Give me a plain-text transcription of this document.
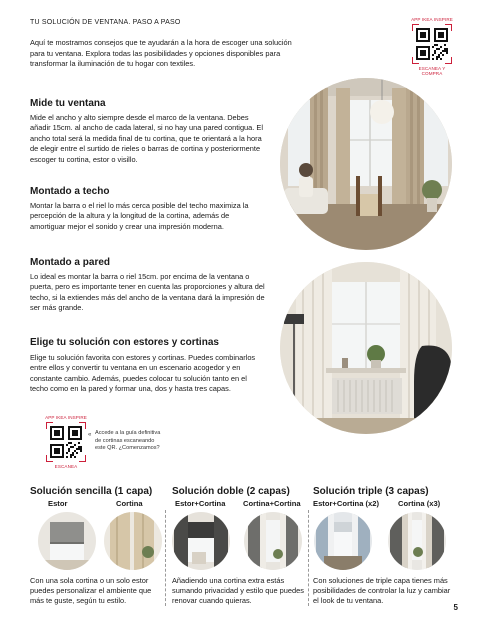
TU SOLUCIÓN DE VENTANA. PASO A PASO
Aquí te mostramos consejos que te ayudarán a la hora de escoger una solución para tu ventana. Explora todas las posibilidades y opciones disponibles para transformar la iluminación de tu hogar con textiles.
APP IKEA INSPIRE
ESCANEA Y COMPRA
Mide tu ventana
Mide el ancho y alto siempre desde el marco de la ventana. Debes añadir 15cm. al ancho de cada lateral, si no hay una pared contigua. El ancho total será la medida final de tu cortina, que te orientará a la hora de elegir entre el surtido de rieles o barras de cortina y posteriormente escoger tu cortina, estor o visillo.
Montado a techo
Montar la barra o el riel lo más cerca posible del techo maximiza la percepción de la altura y la longitud de la cortina, además de amortiguar mejor el sonido y crear una impresión moderna.
Montado a pared
Lo ideal es montar la barra o riel 15cm. por encima de la ventana o puerta, pero es importante tener en cuenta las proporciones y altura del techo, si la extiendes más del ancho de la ventana dará la impresión de ser más grande.
Elige tu solución con estores y cortinas
Elige tu solución favorita con estores y cortinas. Puedes combinarlos entre ellos y convertir tu ventana en un escenario acogedor y en constante cambio. Además, puedes colocar tu solución tanto en el techo como en la pared y formar una, dos y hasta tres capas.
APP IKEA INSPIRE
ESCANEA
« Accede a la guía definitiva de cortinas escaneando este QR. ¿Comenzamos?
Solución sencilla (1 capa) Solución doble (2 capas) Solución triple (3 capas)
Estor	Cortina	Estor+Cortina Cortina+Cortina Estor+Cortina (x2) Cortina (x3)
Con una sola cortina o un solo estor puedes personalizar el ambiente que más te guste, según tu estilo.
Añadiendo una cortina extra estás sumando privacidad y estilo que puedes renovar cuando quieras.
Con soluciones de triple capa tienes más posibilidades de controlar la luz y cambiar el look de tu ventana.
5
